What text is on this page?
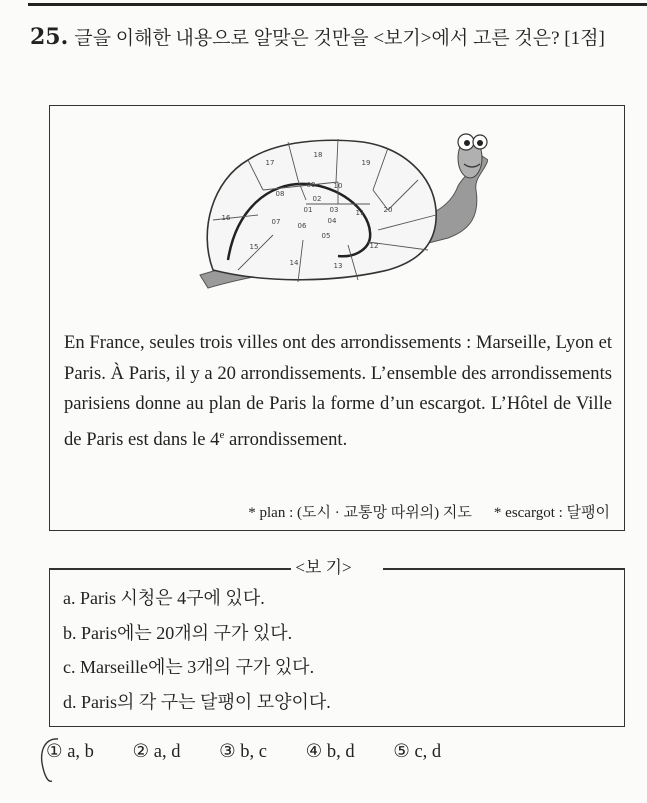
25. 글을 이해한 내용으로 알맞은 것만을 <보기>에서 고른 것은? [1점]
17
18
19
08
09	10
16
02
01 03 11	20
07 06
04
15
05
12
14	13
En France, seules trois villes ont des arrondissements : Marseille, Lyon et Paris. À Paris, il y a 20 arrondissements. L’ensemble des arrondissements parisiens donne au plan de Paris la forme d’un escargot. L’Hôtel de Ville de Paris est dans le 4e arrondissement.
* plan : (도시 · 교통망 따위의) 지도 * escargot : 달팽이
<보 기>
a. Paris 시청은 4구에 있다.
b. Paris에는 20개의 구가 있다.
c. Marseille에는 3개의 구가 있다.
d. Paris의 각 구는 달팽이 모양이다.
① a, b ② a, d ③ b, c ④ b, d ⑤ c, d
